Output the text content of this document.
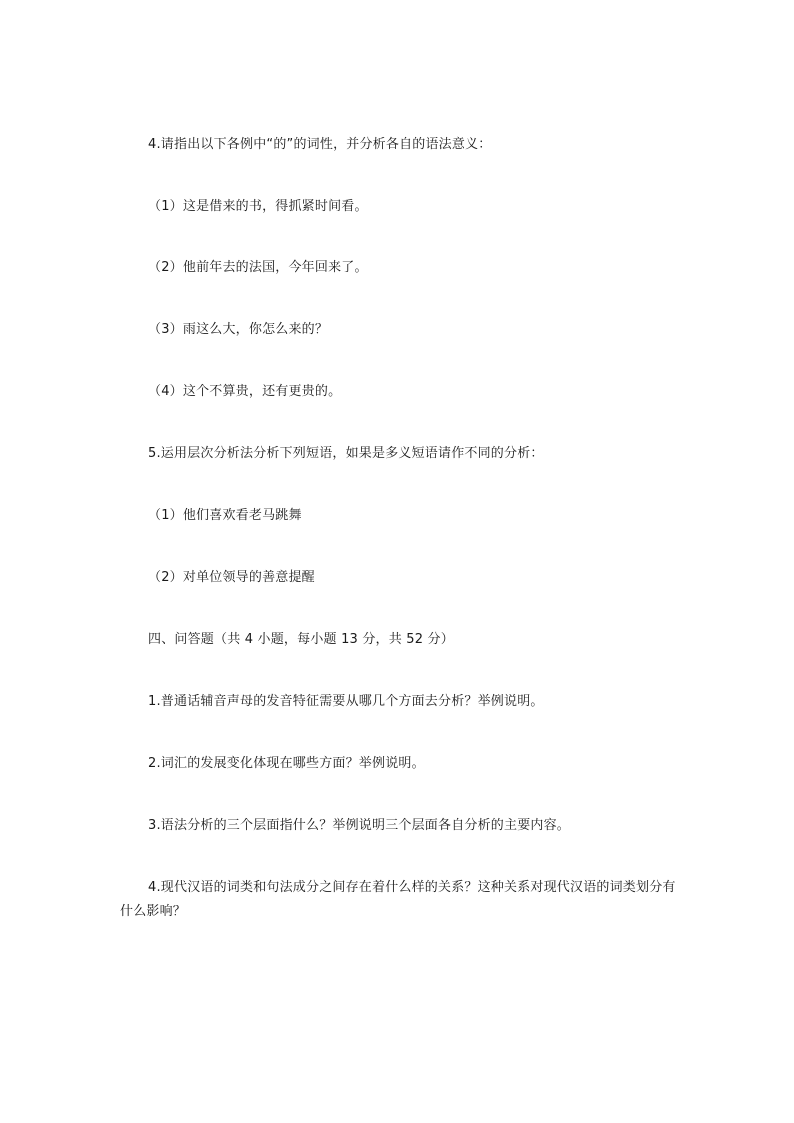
4.请指出以下各例中“的”的词性，并分析各自的语法意义：
（1）这是借来的书，得抓紧时间看。
（2）他前年去的法国，今年回来了。
（3）雨这么大，你怎么来的？
（4）这个不算贵，还有更贵的。
5.运用层次分析法分析下列短语，如果是多义短语请作不同的分析：
（1）他们喜欢看老马跳舞
（2）对单位领导的善意提醒
四、问答题（共 4 小题，每小题 13 分，共 52 分）
1.普通话辅音声母的发音特征需要从哪几个方面去分析？举例说明。
2.词汇的发展变化体现在哪些方面？举例说明。
3.语法分析的三个层面指什么？举例说明三个层面各自分析的主要内容。
4.现代汉语的词类和句法成分之间存在着什么样的关系？这种关系对现代汉语的词类划分有什么影响？
